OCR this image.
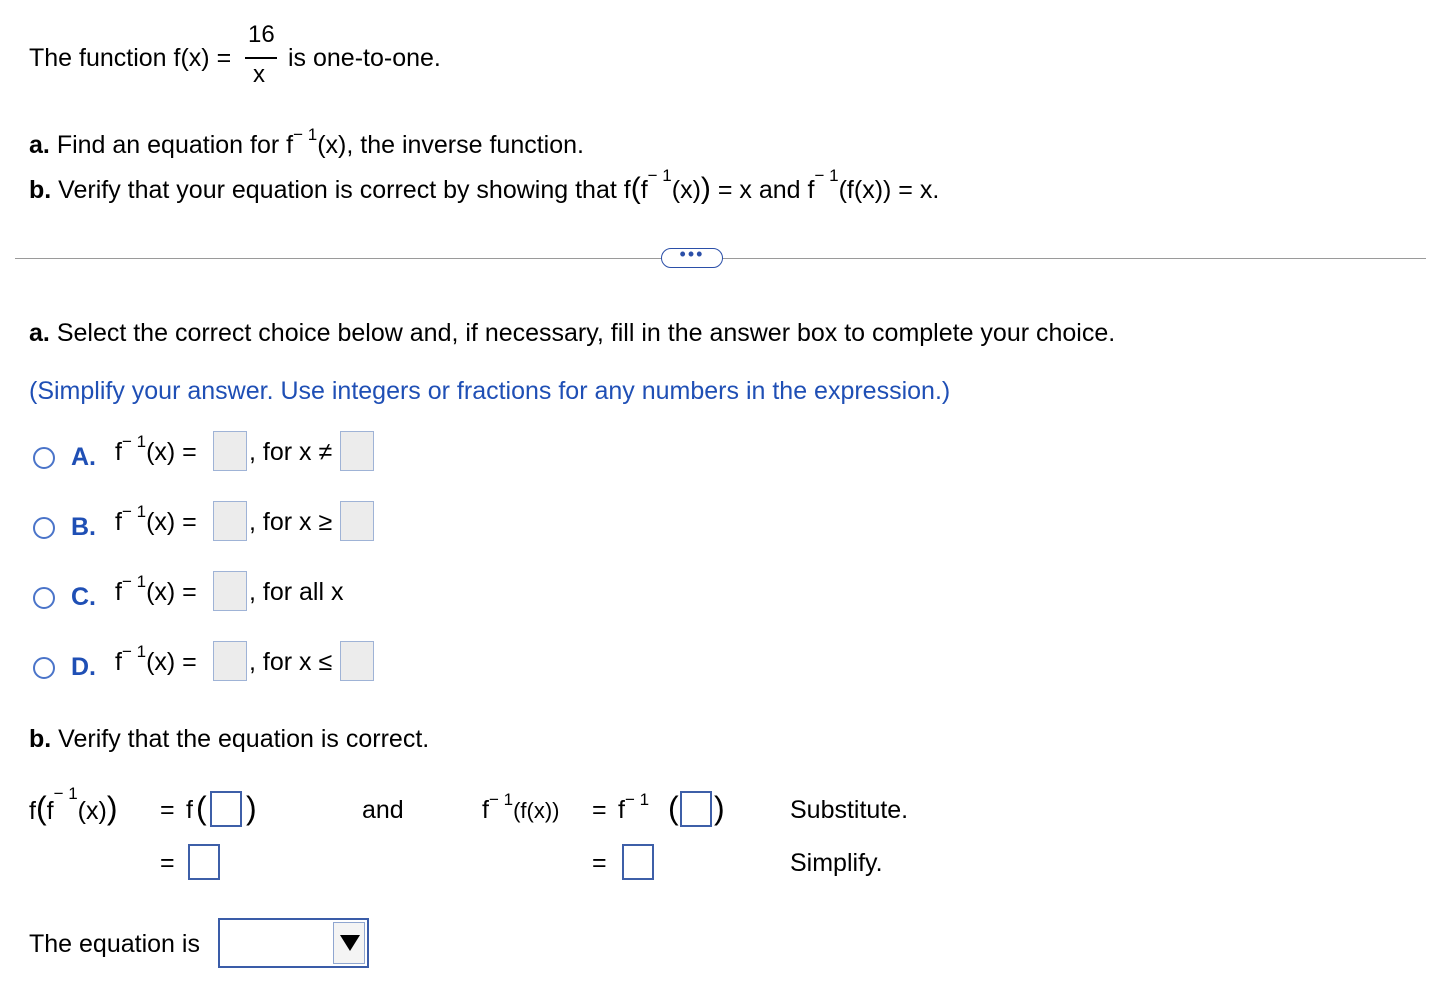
The function f(x) =
16
x
is one-to-one.
a. Find an equation for $f^{- 1}(x)$, the inverse function.
b. Verify that your equation is correct by showing that $f(f^{- 1}(x)) = x$ and $f^{- 1}(f(x)) = x$.
•••
a. Select the correct choice below and, if necessary, fill in the answer box to complete your choice.
(Simplify your answer. Use integers or fractions for any numbers in the expression.)
A. $f^{- 1}(x)$ = , for x ≠
B. $f^{- 1}(x)$ = , for x ≥
C. $f^{- 1}(x)$ = , for all x
D. $f^{- 1}(x)$ = , for x ≤
b. Verify that the equation is correct.
$f(f^{- 1}(x)) = f$ ( )
=
and	$f^{- 1}(f(x)) = f^{- 1}$ ( )
=
Substitute.
Simplify.
The equation is
